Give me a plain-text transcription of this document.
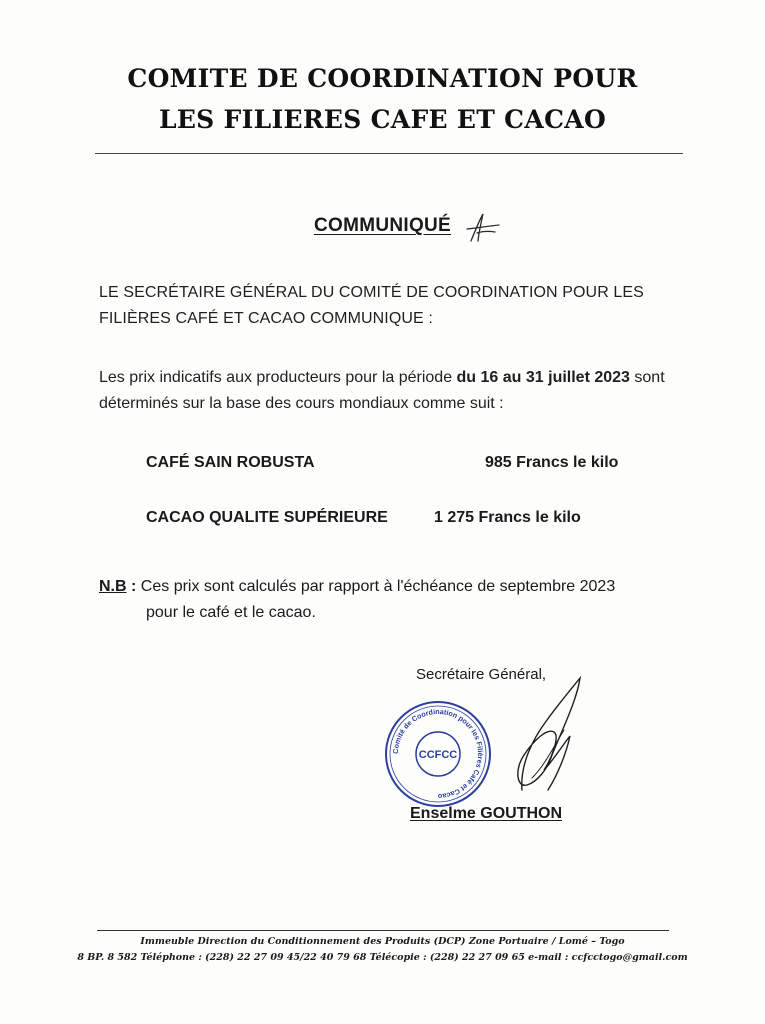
COMITE DE COORDINATION POUR
LES FILIERES CAFE ET CACAO
COMMUNIQUÉ
LE SECRÉTAIRE GÉNÉRAL DU COMITÉ DE COORDINATION POUR LES
FILIÈRES CAFÉ ET CACAO COMMUNIQUE :
Les prix indicatifs aux producteurs pour la période du 16 au 31 juillet 2023 sont déterminés sur la base des cours mondiaux comme suit :
CAFÉ SAIN ROBUSTA	985 Francs le kilo
CACAO QUALITE SUPÉRIEURE	1 275 Francs le kilo
N.B : Ces prix sont calculés par rapport à l'échéance de septembre 2023
pour le café et le cacao.
Secrétaire Général,
Comité de Coordination pour les Filières Café et Cacao
CCFCC
Enselme GOUTHON
Immeuble Direction du Conditionnement des Produits (DCP) Zone Portuaire / Lomé – Togo
8 BP. 8 582 Téléphone : (228) 22 27 09 45/22 40 79 68 Télécopie : (228) 22 27 09 65 e-mail : ccfcctogo@gmail.com
